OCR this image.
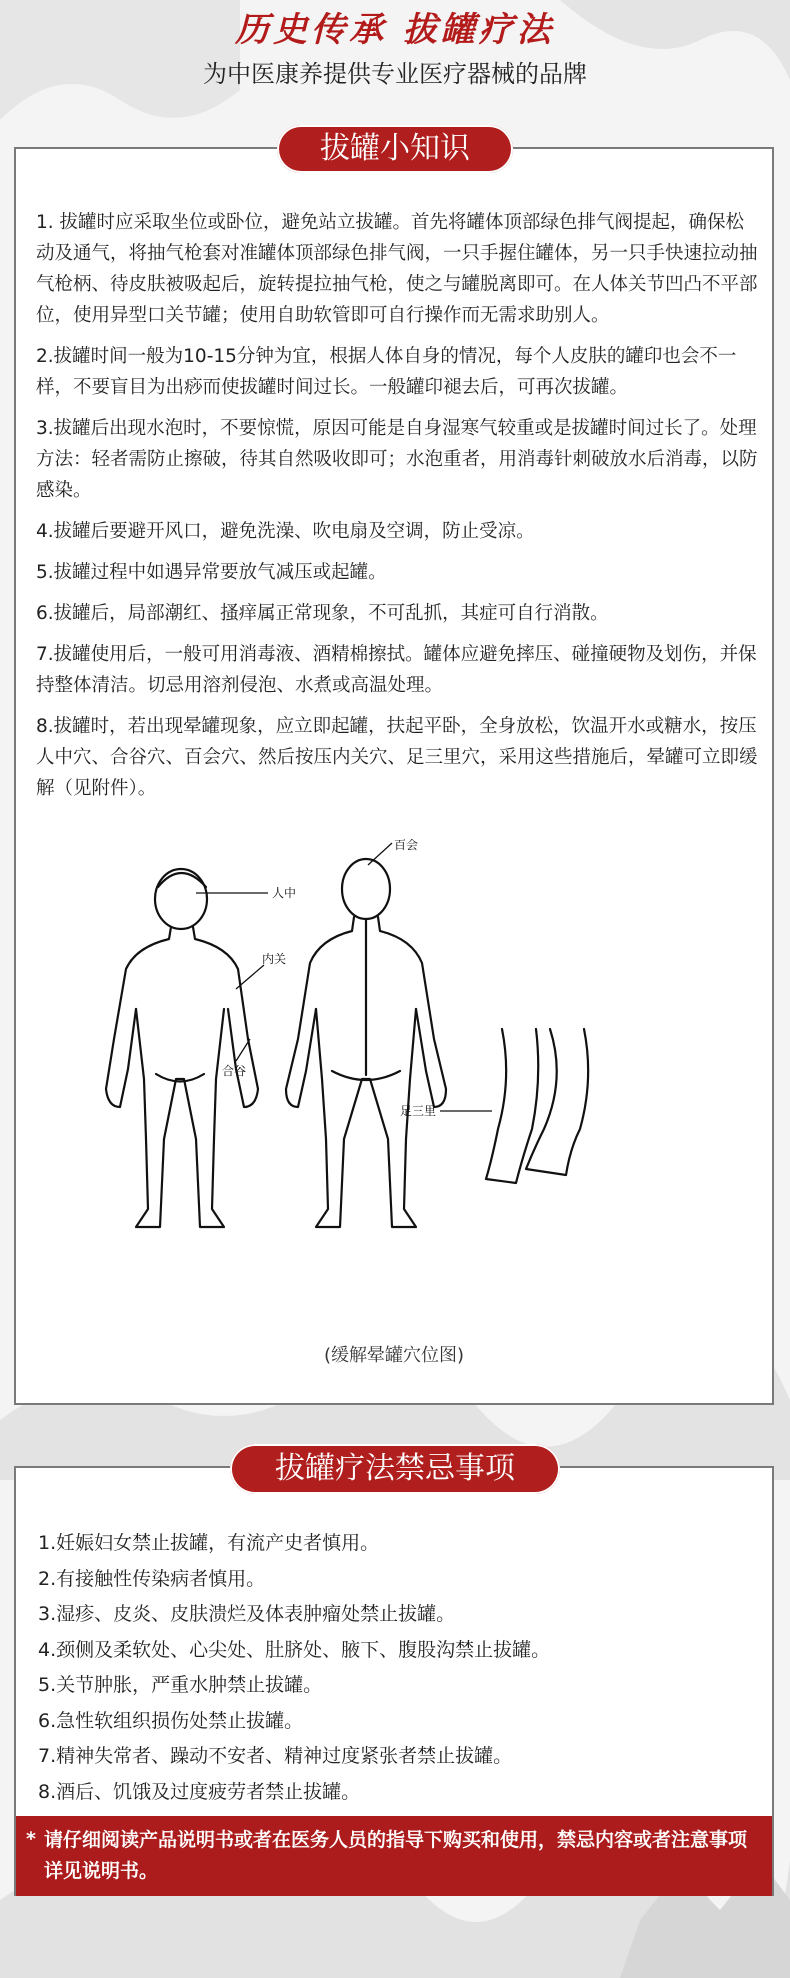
历史传承 拔罐疗法
为中医康养提供专业医疗器械的品牌

1. 拔罐时应采取坐位或卧位，避免站立拔罐。首先将罐体顶部绿色排气阀提起，确保松动及通气，将抽气枪套对准罐体顶部绿色排气阀，一只手握住罐体，另一只手快速拉动抽气枪柄、待皮肤被吸起后，旋转提拉抽气枪，使之与罐脱离即可。在人体关节凹凸不平部位，使用异型口关节罐；使用自助软管即可自行操作而无需求助别人。

2.拔罐时间一般为10-15分钟为宜，根据人体自身的情况，每个人皮肤的罐印也会不一样，不要盲目为出痧而使拔罐时间过长。一般罐印褪去后，可再次拔罐。

3.拔罐后出现水泡时，不要惊慌，原因可能是自身湿寒气较重或是拔罐时间过长了。处理方法：轻者需防止擦破，待其自然吸收即可；水泡重者，用消毒针刺破放水后消毒，以防感染。

4.拔罐后要避开风口，避免洗澡、吹电扇及空调，防止受凉。

5.拔罐过程中如遇异常要放气减压或起罐。

6.拔罐后，局部潮红、搔痒属正常现象，不可乱抓，其症可自行消散。

7.拔罐使用后，一般可用消毒液、酒精棉擦拭。罐体应避免摔压、碰撞硬物及划伤，并保持整体清洁。切忌用溶剂侵泡、水煮或高温处理。

8.拔罐时，若出现晕罐现象，应立即起罐，扶起平卧，全身放松，饮温开水或糖水，按压人中穴、合谷穴、百会穴、然后按压内关穴、足三里穴，采用这些措施后，晕罐可立即缓解（见附件）。

百会
人中
内关
合谷
足三里
(缓解晕罐穴位图)
拔罐小知识
1.妊娠妇女禁止拔罐，有流产史者慎用。
2.有接触性传染病者慎用。
3.湿疹、皮炎、皮肤溃烂及体表肿瘤处禁止拔罐。
4.颈侧及柔软处、心尖处、肚脐处、腋下、腹股沟禁止拔罐。
5.关节肿胀，严重水肿禁止拔罐。
6.急性软组织损伤处禁止拔罐。
7.精神失常者、躁动不安者、精神过度紧张者禁止拔罐。
8.酒后、饥饿及过度疲劳者禁止拔罐。
* 请仔细阅读产品说明书或者在医务人员的指导下购买和使用，禁忌内容或者注意事项详见说明书。
拔罐疗法禁忌事项
